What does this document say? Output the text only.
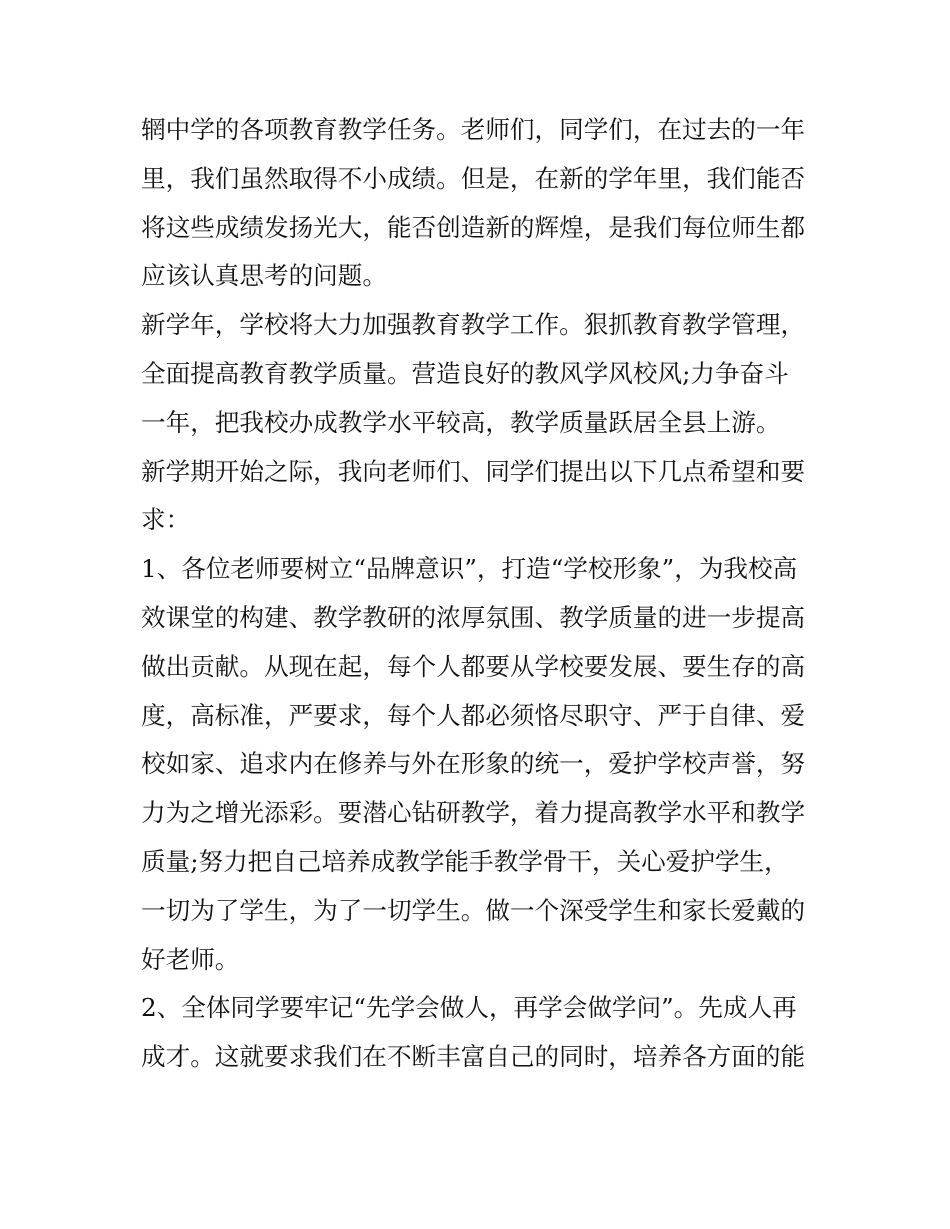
辋中学的各项教育教学任务。老师们，同学们，在过去的一年
里，我们虽然取得不小成绩。但是，在新的学年里，我们能否
将这些成绩发扬光大，能否创造新的辉煌，是我们每位师生都
应该认真思考的问题。
新学年，学校将大力加强教育教学工作。狠抓教育教学管理，
全面提高教育教学质量。营造良好的教风学风校风;力争奋斗
一年，把我校办成教学水平较高，教学质量跃居全县上游。
新学期开始之际，我向老师们、同学们提出以下几点希望和要
求：
1、各位老师要树立“品牌意识”，打造“学校形象”，为我校高
效课堂的构建、教学教研的浓厚氛围、教学质量的进一步提高
做出贡献。从现在起，每个人都要从学校要发展、要生存的高
度，高标准，严要求，每个人都必须恪尽职守、严于自律、爱
校如家、追求内在修养与外在形象的统一，爱护学校声誉，努
力为之增光添彩。要潜心钻研教学，着力提高教学水平和教学
质量;努力把自己培养成教学能手教学骨干，关心爱护学生，
一切为了学生，为了一切学生。做一个深受学生和家长爱戴的
好老师。
2、全体同学要牢记“先学会做人，再学会做学问”。先成人再
成才。这就要求我们在不断丰富自己的同时，培养各方面的能
